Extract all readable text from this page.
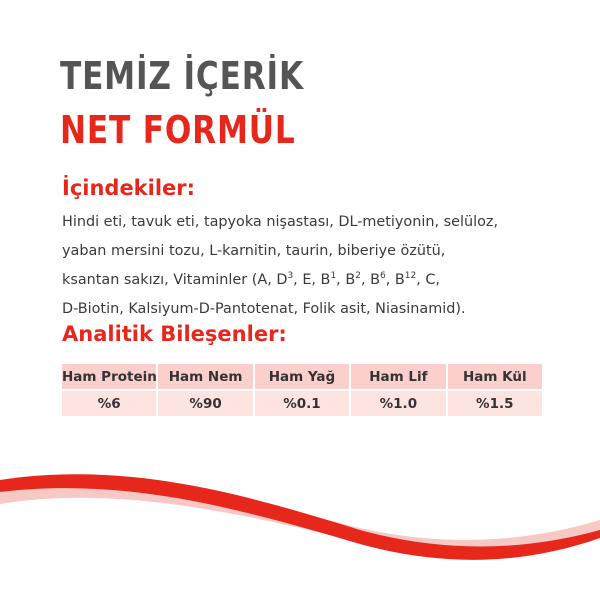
TEMİZ İÇERİK
NET FORMÜL
İçindekiler:
Hindi eti, tavuk eti, tapyoka nişastası, DL-metiyonin, selüloz,
yaban mersini tozu, L-karnitin, taurin, biberiye özütü,
ksantan sakızı, Vitaminler (A, $D^3$, E, $B^1$, $B^2$, $B^6$, $B^{12}$, C,
D-Biotin, Kalsiyum-D-Pantotenat, Folik asit, Niasinamid).
Analitik Bileşenler:
Ham Protein	Ham Nem	Ham Yağ	Ham Lif	Ham Kül
%6	%90	%0.1	%1.0	%1.5
